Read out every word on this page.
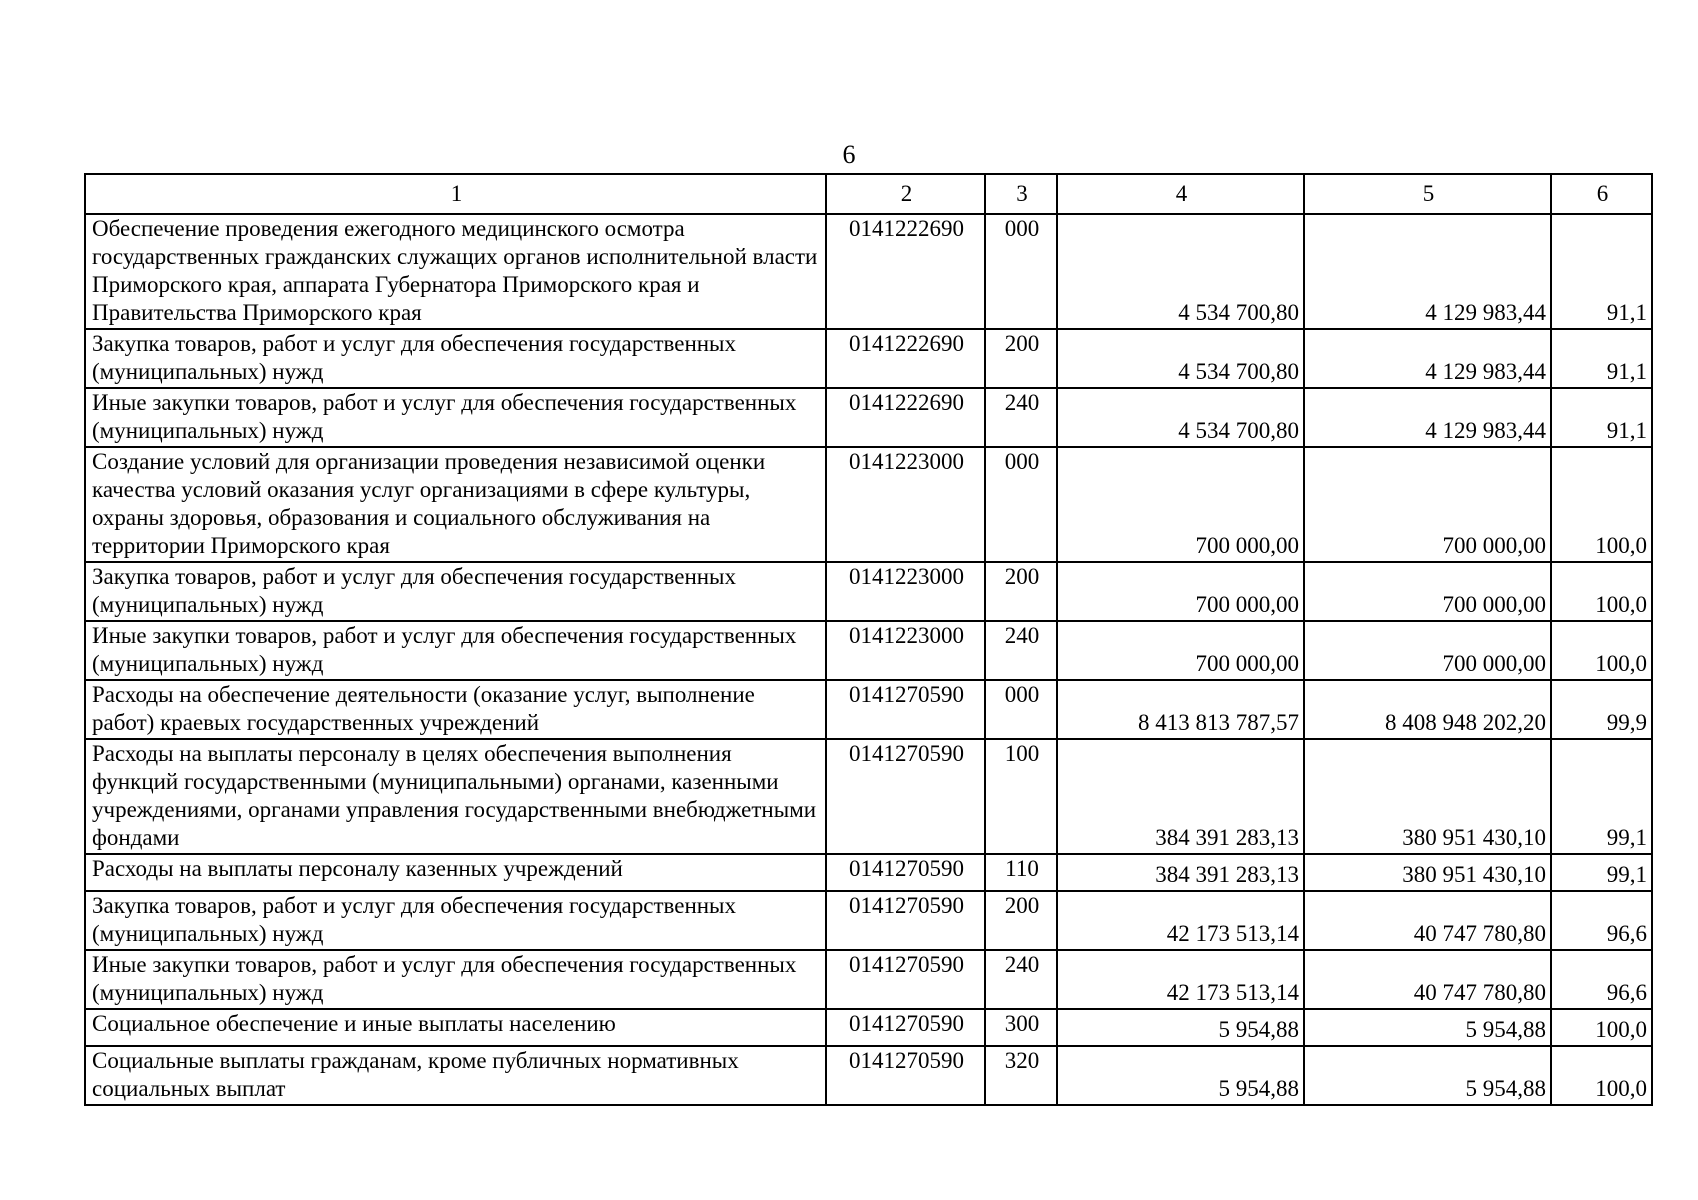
6
1	2	3	4	5	6
Обеспечение проведения ежегодного медицинского осмотра государственных гражданских служащих органов исполнительной власти Приморского края, аппарата Губернатора Приморского края и Правительства Приморского края	0141222690	000	4 534 700,80	4 129 983,44	91,1
Закупка товаров, работ и услуг для обеспечения государственных (муниципальных) нужд	0141222690	200	4 534 700,80	4 129 983,44	91,1
Иные закупки товаров, работ и услуг для обеспечения государственных (муниципальных) нужд	0141222690	240	4 534 700,80	4 129 983,44	91,1
Создание условий для организации проведения независимой оценки качества условий оказания услуг организациями в сфере культуры, охраны здоровья, образования и социального обслуживания на территории Приморского края	0141223000	000	700 000,00	700 000,00	100,0
Закупка товаров, работ и услуг для обеспечения государственных (муниципальных) нужд	0141223000	200	700 000,00	700 000,00	100,0
Иные закупки товаров, работ и услуг для обеспечения государственных (муниципальных) нужд	0141223000	240	700 000,00	700 000,00	100,0
Расходы на обеспечение деятельности (оказание услуг, выполнение работ) краевых государственных учреждений	0141270590	000	8 413 813 787,57	8 408 948 202,20	99,9
Расходы на выплаты персоналу в целях обеспечения выполнения функций государственными (муниципальными) органами, казенными учреждениями, органами управления государственными внебюджетными фондами	0141270590	100	384 391 283,13	380 951 430,10	99,1
Расходы на выплаты персоналу казенных учреждений	0141270590	110	384 391 283,13	380 951 430,10	99,1
Закупка товаров, работ и услуг для обеспечения государственных (муниципальных) нужд	0141270590	200	42 173 513,14	40 747 780,80	96,6
Иные закупки товаров, работ и услуг для обеспечения государственных (муниципальных) нужд	0141270590	240	42 173 513,14	40 747 780,80	96,6
Социальное обеспечение и иные выплаты населению	0141270590	300	5 954,88	5 954,88	100,0
Социальные выплаты гражданам, кроме публичных нормативных социальных выплат	0141270590	320	5 954,88	5 954,88	100,0
